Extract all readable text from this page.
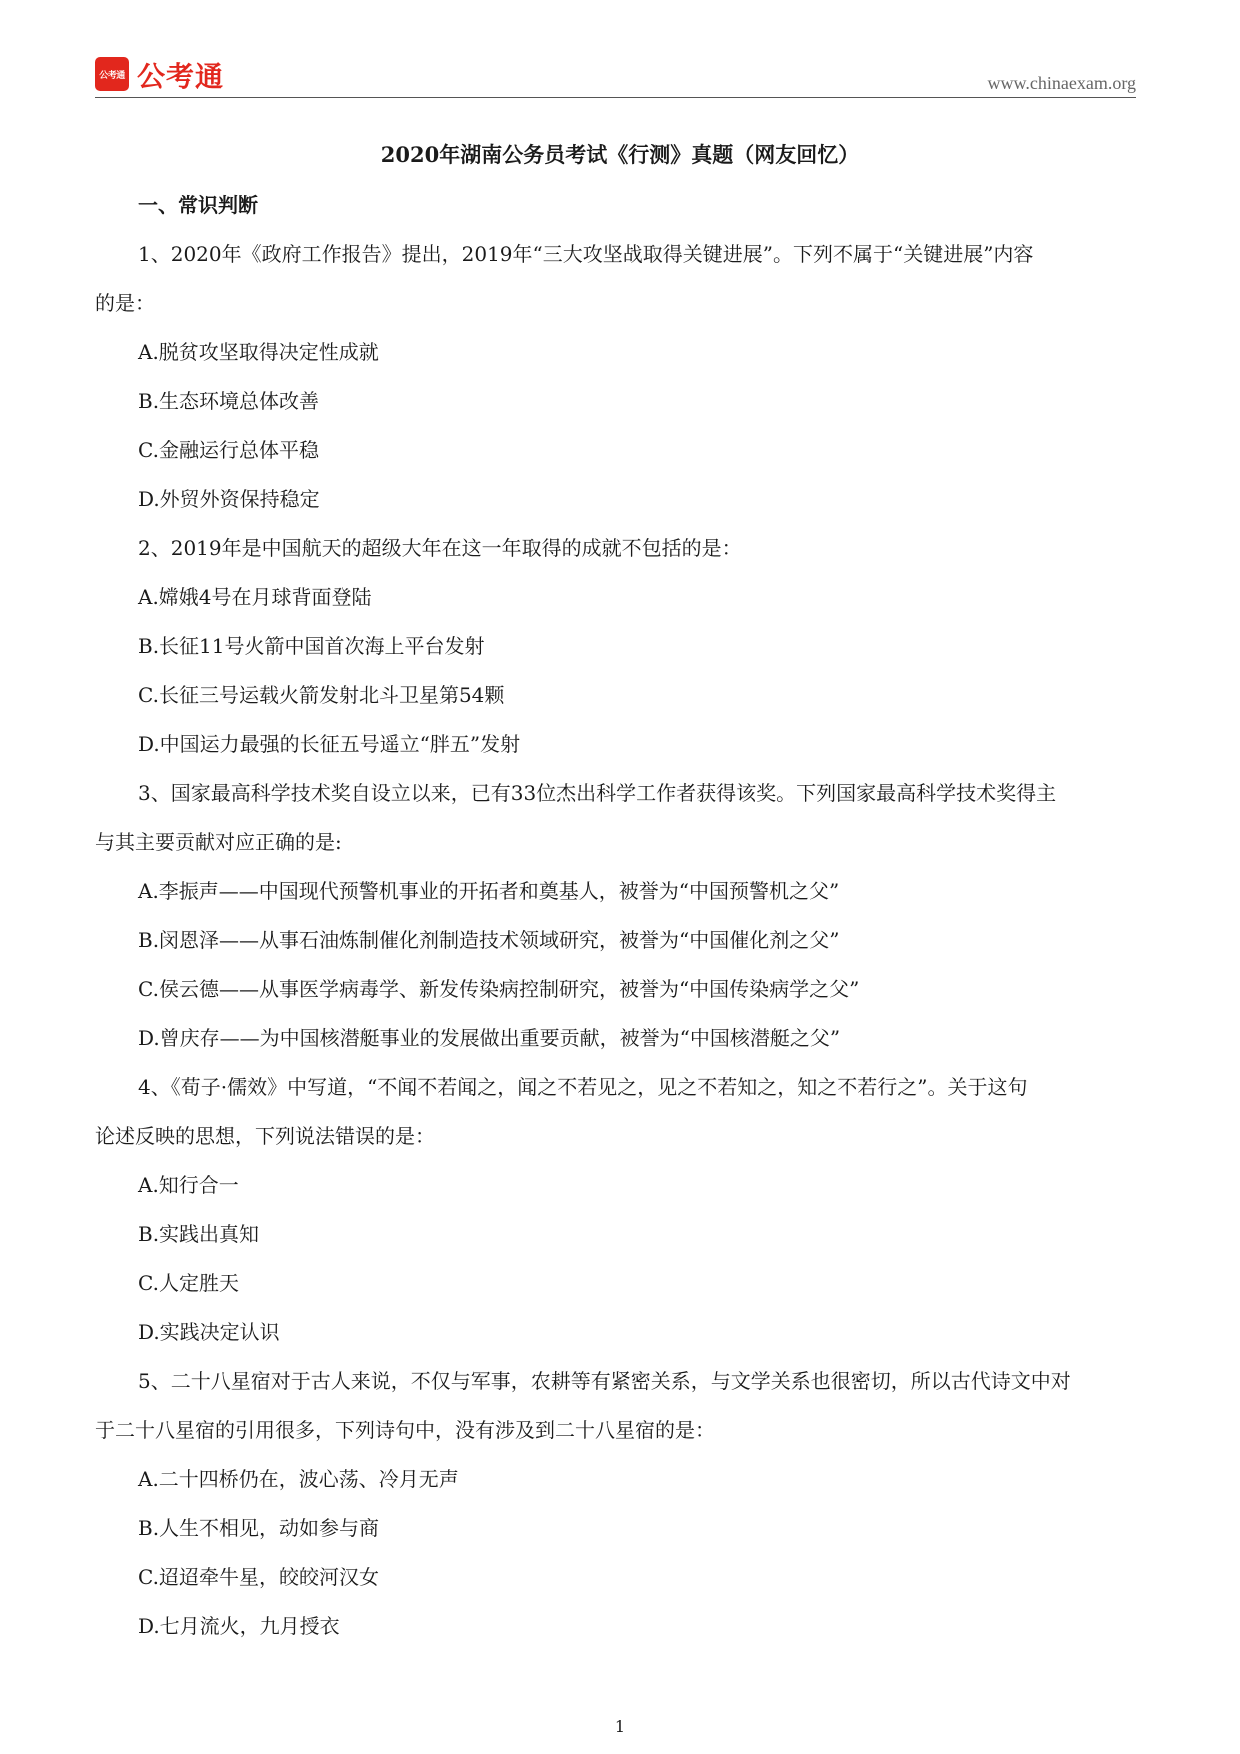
公考通 公考通	www.chinaexam.org
2020年湖南公务员考试《行测》真题（网友回忆）
一、常识判断
1、2020年《政府工作报告》提出，2019年“三大攻坚战取得关键进展”。下列不属于“关键进展”内容
的是：
A.脱贫攻坚取得决定性成就
B.生态环境总体改善
C.金融运行总体平稳
D.外贸外资保持稳定
2、2019年是中国航天的超级大年在这一年取得的成就不包括的是：
A.嫦娥4号在月球背面登陆
B.长征11号火箭中国首次海上平台发射
C.长征三号运载火箭发射北斗卫星第54颗
D.中国运力最强的长征五号遥立“胖五”发射
3、国家最高科学技术奖自设立以来，已有33位杰出科学工作者获得该奖。下列国家最高科学技术奖得主
与其主要贡献对应正确的是:
A.李振声——中国现代预警机事业的开拓者和奠基人，被誉为“中国预警机之父”
B.闵恩泽——从事石油炼制催化剂制造技术领域研究，被誉为“中国催化剂之父”
C.侯云德——从事医学病毒学、新发传染病控制研究，被誉为“中国传染病学之父”
D.曾庆存——为中国核潜艇事业的发展做出重要贡献，被誉为“中国核潜艇之父”
4、《荀子·儒效》中写道，“不闻不若闻之，闻之不若见之，见之不若知之，知之不若行之”。关于这句
论述反映的思想，下列说法错误的是：
A.知行合一
B.实践出真知
C.人定胜天
D.实践决定认识
5、二十八星宿对于古人来说，不仅与军事，农耕等有紧密关系，与文学关系也很密切，所以古代诗文中对
于二十八星宿的引用很多，下列诗句中，没有涉及到二十八星宿的是：
A.二十四桥仍在，波心荡、冷月无声
B.人生不相见，动如参与商
C.迢迢牵牛星，皎皎河汉女
D.七月流火，九月授衣
1
